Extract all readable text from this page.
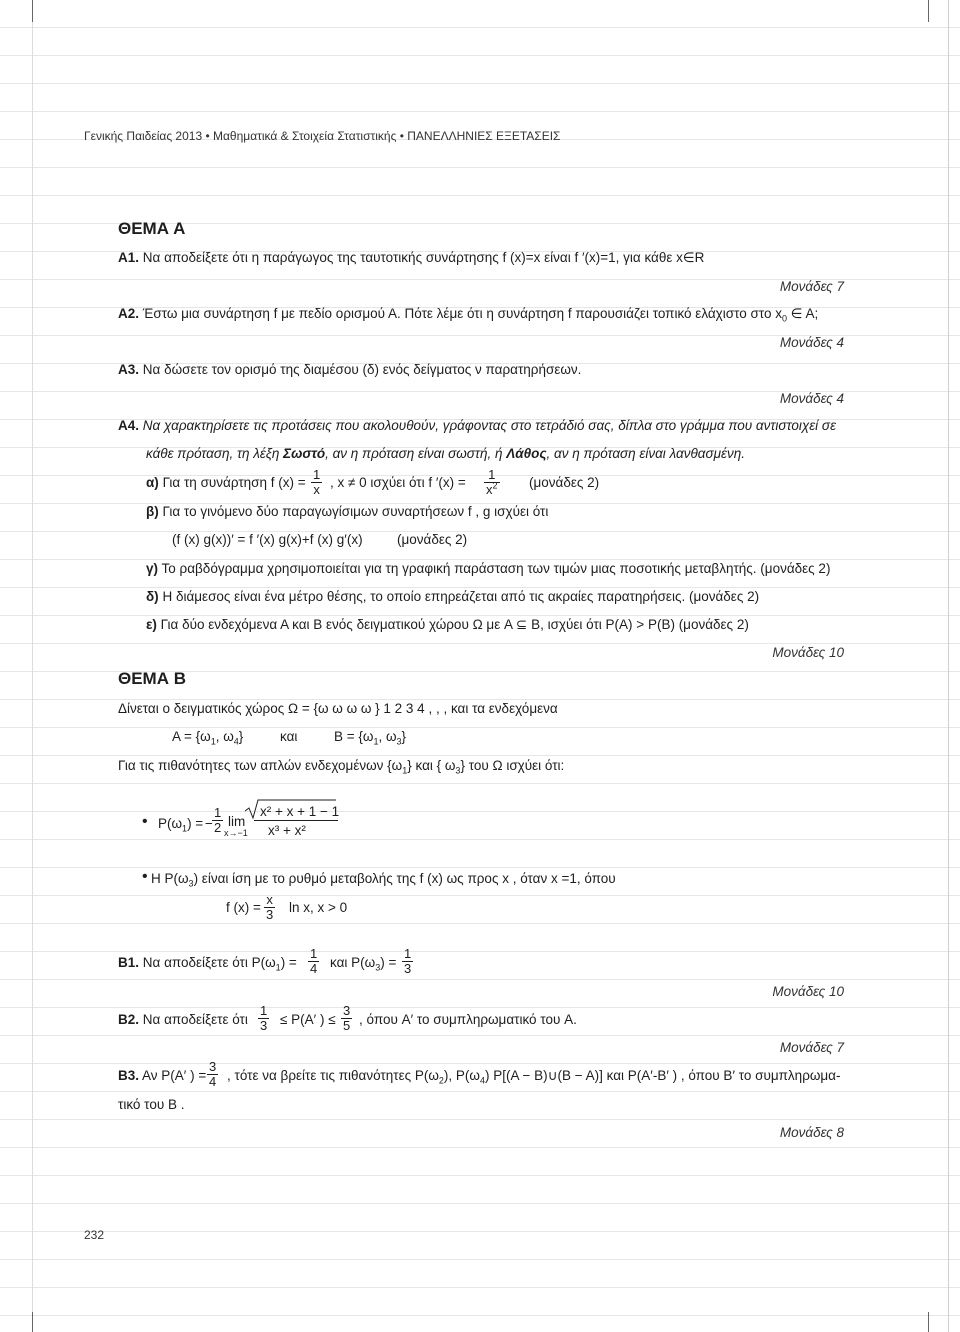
Γενικής Παιδείας 2013 • Μαθηματικά & Στοιχεία Στατιστικής • ΠΑΝΕΛΛΗΝΙΕΣ ΕΞΕΤΑΣΕΙΣ
ΘΕΜΑ Α
Α1. Να αποδείξετε ότι η παράγωγος της ταυτοτικής συνάρτησης f (x)=x είναι f ′(x)=1, για κάθε x∈R
Μονάδες 7
Α2. Έστω μια συνάρτηση f με πεδίο ορισμού Α. Πότε λέμε ότι η συνάρτηση f παρουσιάζει τοπικό ελάχιστο στο $x_0$ ∈ A;
Μονάδες 4
Α3. Να δώσετε τον ορισμό της διαμέσου (δ) ενός δείγματος ν παρατηρήσεων.
Μονάδες 4
Α4. Να χαρακτηρίσετε τις προτάσεις που ακολουθούν, γράφοντας στο τετράδιό σας, δίπλα στο γράμμα που αντιστοιχεί σε
κάθε πρόταση, τη λέξη Σωστό, αν η πρόταση είναι σωστή, ή Λάθος, αν η πρόταση είναι λανθασμένη.
α) Για τη συνάρτηση f $(x) = \frac{1}{x}$ , x ≠ 0 ισχύει ότι f $'(x) = \frac{1}{x^2} (\mu o\nu ά\delta\varepsilon\varsigma$ 2)
β) Για το γινόμενο δύο παραγωγίσιμων συναρτήσεων f , g ισχύει ότι
(f (x) g(x))′ = f ′(x) g(x)+f (x) g′(x)	(μονάδες 2)
γ) Το ραβδόγραμμα χρησιμοποιείται για τη γραφική παράσταση των τιμών μιας ποσοτικής μεταβλητής. (μονάδες 2)
δ) Η διάμεσος είναι ένα μέτρο θέσης, το οποίο επηρεάζεται από τις ακραίες παρατηρήσεις. (μονάδες 2)
ε) Για δύο ενδεχόμενα Α και Β ενός δειγματικού χώρου Ω με A ⊆ B, ισχύει ότι P(A) > P(B) (μονάδες 2)
Μονάδες 10
ΘΕΜΑ Β
Δίνεται ο δειγματικός χώρος Ω = {ω ω ω ω } 1 2 3 4 , , , και τα ενδεχόμενα
$A = \{\omega_1$, $\omega_4$}	και	$B = \{\omega_1$, $\omega_3$}
Για τις πιθανότητες των απλών ενδεχομένων $\{\omega_1\}$ και { $\omega_3$} του Ω ισχύει ότι:
• $P(\omega_1)$ = − $\frac{1}{2}$ lim
x→−1
x² + x + 1 − 1
x³ + x²
• Η $P(\omega_3)$ είναι ίση με το ρυθμό μεταβολής της f (x) ως προς x , όταν x =1, όπου
f $(x) = \frac{x}{3}$ ln x, x > 0
Β1. Να αποδείξετε ότι $P(\omega_1) = \frac{1}{4}$ και $P(\omega_3) = \frac{1}{3}$
Μονάδες 10
Β2. Να αποδείξετε ότι $\frac{1}{3} \le P(A'$ ) ≤ $\frac{3}{5}$ , όπου A′ το συμπληρωματικό του A.
Μονάδες 7
Β3. Αν P(A′ ) = $\frac{3}{4}$ , τότε να βρείτε τις πιθανότητες $P(\omega_2)$, $P(\omega_4) P[(A$ − B)∪(B − A)] και P(A′-B′ ) , όπου B′ το συμπληρωμα-
τικό του B .
Μονάδες 8
232
